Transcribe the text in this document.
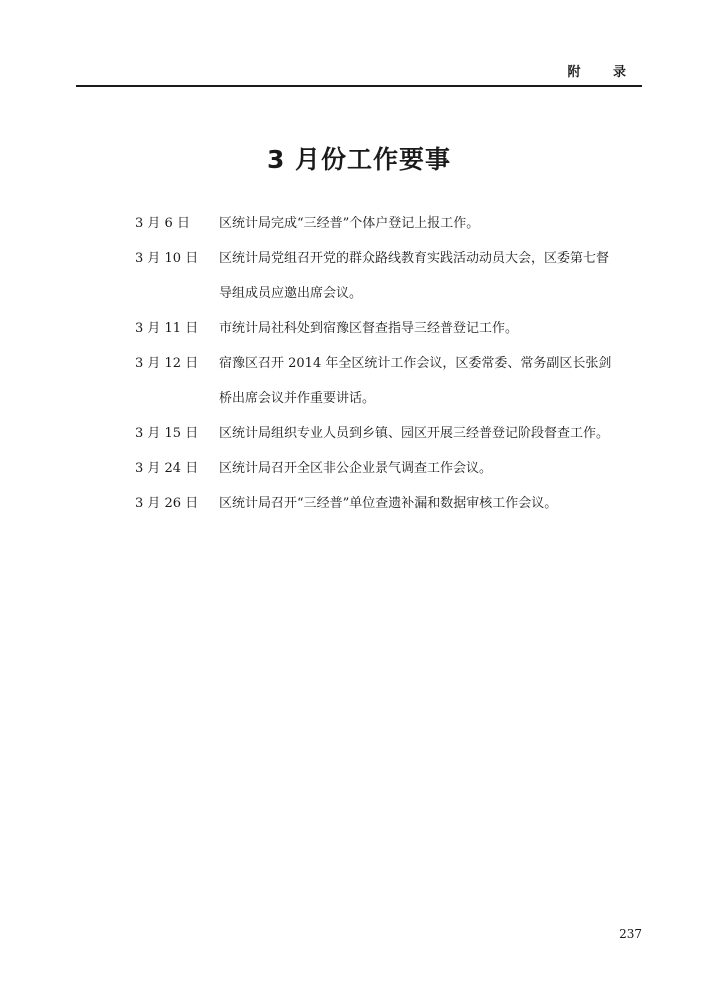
附 录
3 月份工作要事
3 月 6 日 区统计局完成“三经普”个体户登记上报工作。
3 月 10 日 区统计局党组召开党的群众路线教育实践活动动员大会，区委第七督导组成员应邀出席会议。
3 月 11 日 市统计局社科处到宿豫区督查指导三经普登记工作。
3 月 12 日 宿豫区召开 2014 年全区统计工作会议，区委常委、常务副区长张剑桥出席会议并作重要讲话。
3 月 15 日 区统计局组织专业人员到乡镇、园区开展三经普登记阶段督查工作。
3 月 24 日 区统计局召开全区非公企业景气调查工作会议。
3 月 26 日 区统计局召开“三经普”单位查遗补漏和数据审核工作会议。
237
